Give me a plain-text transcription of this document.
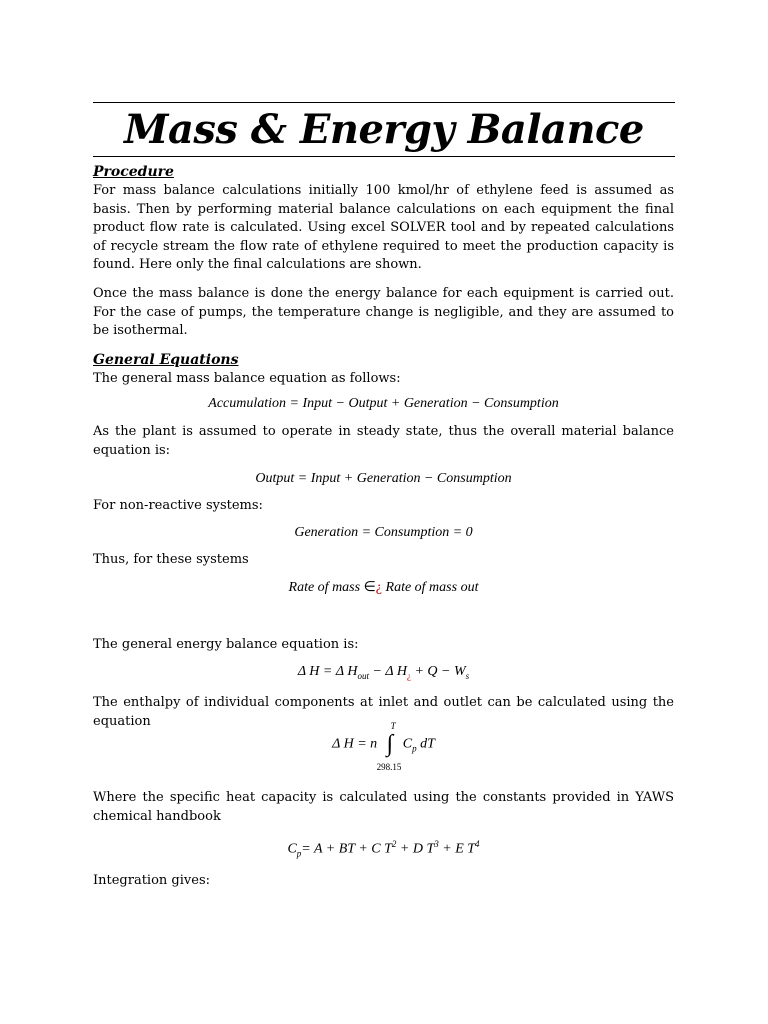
Mass & Energy Balance
Procedure

For mass balance calculations initially 100 kmol/hr of ethylene feed is assumed as basis. Then by performing material balance calculations on each equipment the final product flow rate is calculated. Using excel SOLVER tool and by repeated calculations of recycle stream the flow rate of ethylene required to meet the production capacity is found. Here only the final calculations are shown.

Once the mass balance is done the energy balance for each equipment is carried out. For the case of pumps, the temperature change is negligible, and they are assumed to be isothermal.

General Equations

The general mass balance equation as follows:

Accumulation = Input − Output + Generation − Consumption

As the plant is assumed to operate in steady state, thus the overall material balance equation is:

Output = Input + Generation − Consumption

For non-reactive systems:

Generation = Consumption = 0

Thus, for these systems

Rate of mass ∈¿ Rate of mass out

The general energy balance equation is:

Δ H = Δ $H_{out} - \Delta$ $H_¿ + Q - W_s$

The enthalpy of individual components at inlet and outlet can be calculated using the equation

Δ H = n
T
∫
298.15
$C_p$ dT

Where the specific heat capacity is calculated using the constants provided in YAWS chemical handbook

$C_p= A$ + BT + C $T^2 + D$ $T^3 + E$ $T^4$

Integration gives:
